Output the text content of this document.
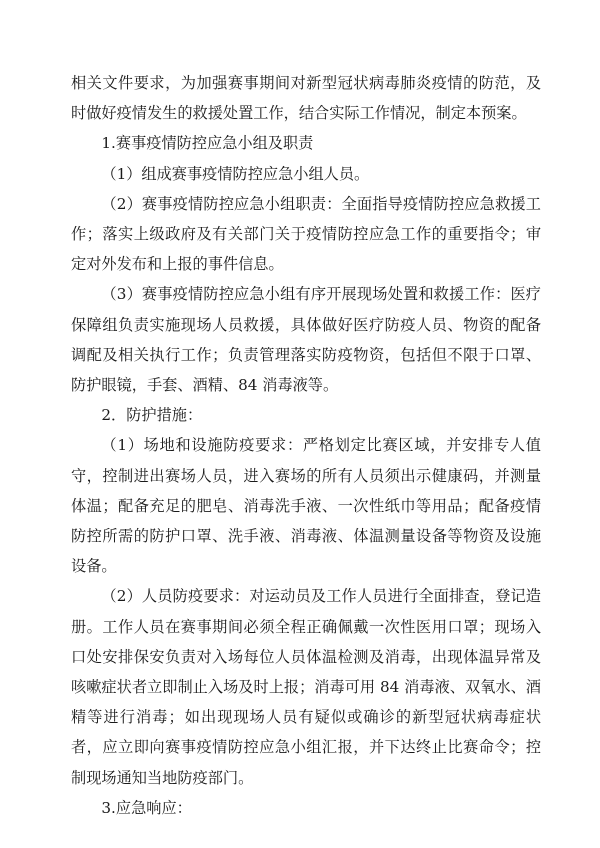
相关文件要求，为加强赛事期间对新型冠状病毒肺炎疫情的防范，及时做好疫情发生的救援处置工作，结合实际工作情况，制定本预案。

1.赛事疫情防控应急小组及职责

（1）组成赛事疫情防控应急小组人员。

（2）赛事疫情防控应急小组职责：全面指导疫情防控应急救援工作；落实上级政府及有关部门关于疫情防控应急工作的重要指令；审定对外发布和上报的事件信息。

（3）赛事疫情防控应急小组有序开展现场处置和救援工作：医疗保障组负责实施现场人员救援，具体做好医疗防疫人员、物资的配备调配及相关执行工作；负责管理落实防疫物资，包括但不限于口罩、防护眼镜，手套、酒精、84 消毒液等。

2．防护措施：

（1）场地和设施防疫要求：严格划定比赛区域，并安排专人值守，控制进出赛场人员，进入赛场的所有人员须出示健康码，并测量体温；配备充足的肥皂、消毒洗手液、一次性纸巾等用品；配备疫情防控所需的防护口罩、洗手液、消毒液、体温测量设备等物资及设施设备。

（2）人员防疫要求：对运动员及工作人员进行全面排查，登记造册。工作人员在赛事期间必须全程正确佩戴一次性医用口罩；现场入口处安排保安负责对入场每位人员体温检测及消毒，出现体温异常及咳嗽症状者立即制止入场及时上报；消毒可用 84 消毒液、双氧水、酒精等进行消毒；如出现现场人员有疑似或确诊的新型冠状病毒症状者，应立即向赛事疫情防控应急小组汇报，并下达终止比赛命令；控制现场通知当地防疫部门。

3.应急响应：
